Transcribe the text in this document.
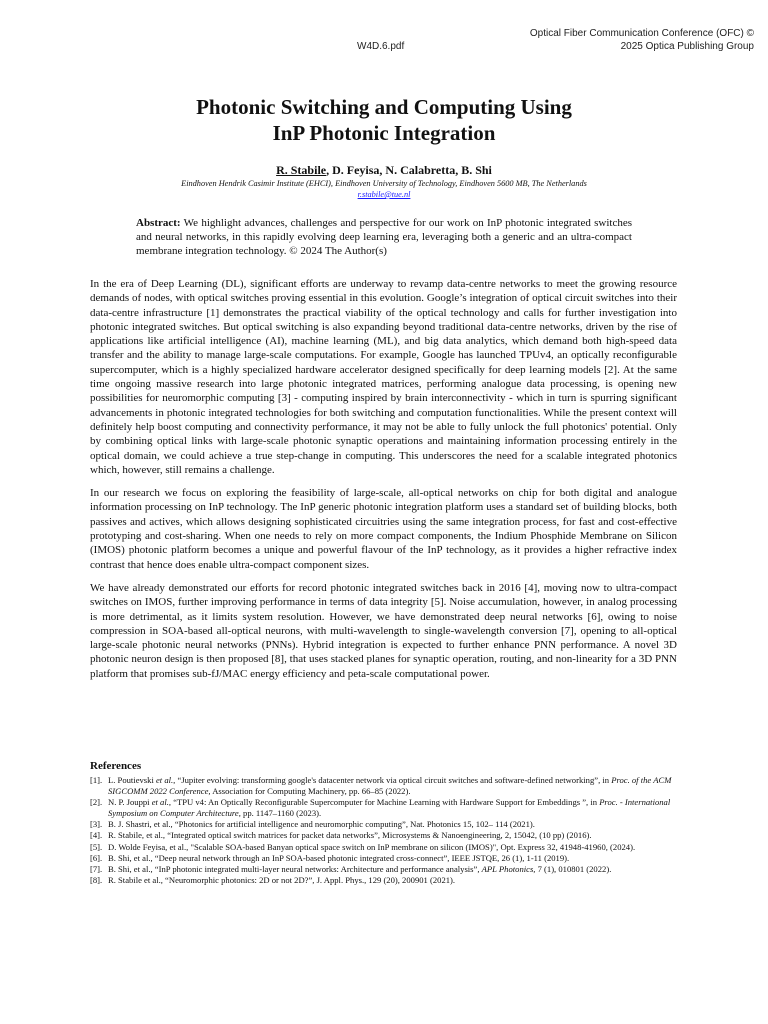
W4D.6.pdf
Optical Fiber Communication Conference (OFC) ©
2025 Optica Publishing Group
Photonic Switching and Computing Using
InP Photonic Integration
R. Stabile, D. Feyisa, N. Calabretta, B. Shi
Eindhoven Hendrik Casimir Institute (EHCI), Eindhoven University of Technology, Eindhoven 5600 MB, The Netherlands
r.stabile@tue.nl
Abstract: We highlight advances, challenges and perspective for our work on InP photonic integrated switches and neural networks, in this rapidly evolving deep learning era, leveraging both a generic and an ultra-compact membrane integration technology. © 2024 The Author(s)

In the era of Deep Learning (DL), significant efforts are underway to revamp data-centre networks to meet the growing resource demands of nodes, with optical switches proving essential in this evolution. Google’s integration of optical circuit switches into their data-centre infrastructure [1] demonstrates the practical viability of the optical technology and calls for further investigation into photonic integrated switches. But optical switching is also expanding beyond traditional data-centre networks, driven by the rise of applications like artificial intelligence (AI), machine learning (ML), and big data analytics, which demand both high-speed data transfer and the ability to manage large-scale computations. For example, Google has launched TPUv4, an optically reconfigurable supercomputer, which is a highly specialized hardware accelerator designed specifically for deep learning models [2]. At the same time ongoing massive research into large photonic integrated matrices, performing analogue data processing, is opening new possibilities for neuromorphic computing [3] - computing inspired by brain interconnectivity - which in turn is spurring significant advancements in photonic integrated technologies for both switching and computation functionalities. While the present context will definitely help boost computing and connectivity performance, it may not be able to fully unlock the full photonics' potential. Only by combining optical links with large-scale photonic synaptic operations and maintaining information processing entirely in the optical domain, we could achieve a true step-change in computing. This underscores the need for a scalable integrated photonics which, however, still remains a challenge.

In our research we focus on exploring the feasibility of large-scale, all-optical networks on chip for both digital and analogue information processing on InP technology. The InP generic photonic integration platform uses a standard set of building blocks, both passives and actives, which allows designing sophisticated circuitries using the same integration process, for fast and cost-effective prototyping and cost-sharing. When one needs to rely on more compact components, the Indium Phosphide Membrane on Silicon (IMOS) photonic platform becomes a unique and powerful flavour of the InP technology, as it provides a higher refractive index contrast that hence does enable ultra-compact component sizes.

We have already demonstrated our efforts for record photonic integrated switches back in 2016 [4], moving now to ultra-compact switches on IMOS, further improving performance in terms of data integrity [5]. Noise accumulation, however, in analog processing is more detrimental, as it limits system resolution. However, we have demonstrated deep neural networks [6], owing to noise compression in SOA-based all-optical neurons, with multi-wavelength to single-wavelength conversion [7], opening to all-optical large-scale photonic neural networks (PNNs). Hybrid integration is expected to further enhance PNN performance. A novel 3D photonic neuron design is then proposed [8], that uses stacked planes for synaptic operation, routing, and non-linearity for a 3D PNN platform that promises sub-fJ/MAC energy efficiency and peta-scale computational power.

References
[1]. L. Poutievski et al., “Jupiter evolving: transforming google's datacenter network via optical circuit switches and software-defined networking”, in Proc. of the ACM SIGCOMM 2022 Conference, Association for Computing Machinery, pp. 66–85 (2022).
[2]. N. P. Jouppi et al., “TPU v4: An Optically Reconfigurable Supercomputer for Machine Learning with Hardware Support for Embeddings ”, in Proc. - International Symposium on Computer Architecture, pp. 1147–1160 (2023).
[3]. B. J. Shastri, et al., “Photonics for artificial intelligence and neuromorphic computing”, Nat. Photonics 15, 102– 114 (2021).
[4]. R. Stabile, et al., “Integrated optical switch matrices for packet data networks”, Microsystems & Nanoengineering, 2, 15042, (10 pp) (2016).
[5]. D. Wolde Feyisa, et al., "Scalable SOA-based Banyan optical space switch on InP membrane on silicon (IMOS)", Opt. Express 32, 41948-41960, (2024).
[6]. B. Shi, et al., “Deep neural network through an InP SOA-based photonic integrated cross-connect”, IEEE JSTQE, 26 (1), 1-11 (2019).
[7]. B. Shi, et al., “InP photonic integrated multi-layer neural networks: Architecture and performance analysis”, APL Photonics, 7 (1), 010801 (2022).
[8]. R. Stabile et al., “Neuromorphic photonics: 2D or not 2D?”, J. Appl. Phys., 129 (20), 200901 (2021).
